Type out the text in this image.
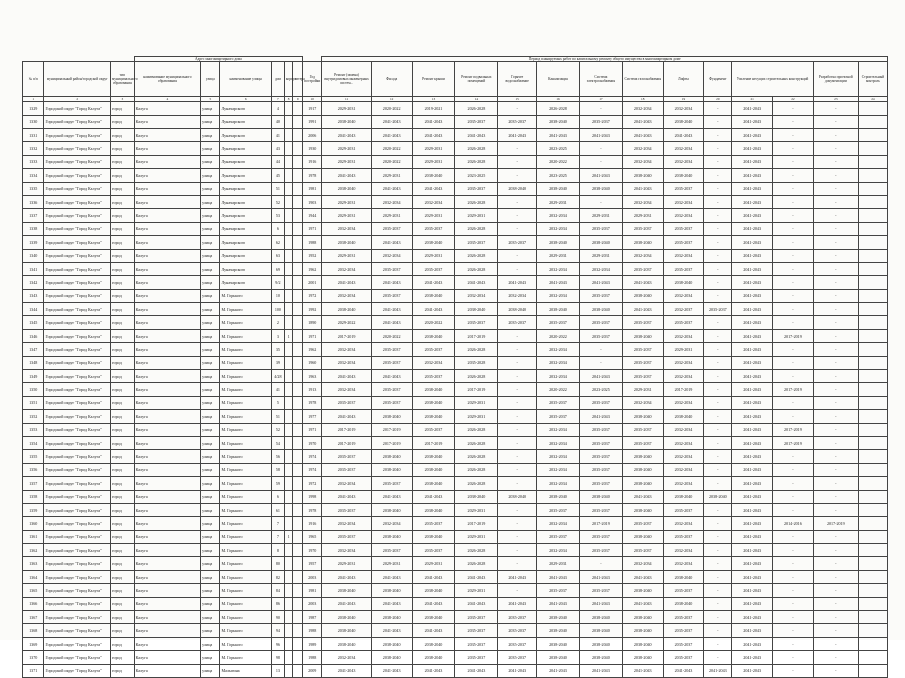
			Адрес многоквартирного дома							Период планируемых работ по капитальному ремонту общего имущества в многоквартирном доме													
№ п/п	муниципальный район/городской округ	тип муниципального образования	наименование муниципального образования	улица	наименование улицы	дом	корпус	литера	Год постройки	Ремонт (замена) внутридомовых инженерных систем...	Фасада	Ремонт крыши	Ремонт подвальных помещений	Горячее водоснабжение	Канализация	Система электроснабжения	Система газоснабжения	Лифты	Фундамент	Усиление несущих строительных конструкций		Разработка проектной документации	Строительный контроль
1	2	3	4	5	6	7	8	9	10	11	12	13	14	15	16	17	18	19	20	21	22	23	24
1329	Городской округ "Город Калуга"	город	Калуга	улица	Луначарского	4			1917	2029-2031	2020-2022	2019-2021	2026-2028	-	2026-2028	-	2032-2034	2032-2034	-	2041-2043	-	-	
1330	Городской округ "Город Калуга"	город	Калуга	улица	Луначарского	40			1991	2038-2040	2041-2043	2041-2043	2035-2037	2035-2037	2038-2040	2035-2037	2041-2043	2038-2040	-	2041-2043	-	-	
1331	Городской округ "Город Калуга"	город	Калуга	улица	Луначарского	41			2006	2041-2043	2041-2043	2041-2043	2041-2043	2041-2043	2041-2043	2041-2043	2041-2043	2041-2043	-	2041-2043	-	-	
1332	Городской округ "Город Калуга"	город	Калуга	улица	Луначарского	43			1930	2029-2031	2020-2022	2029-2031	2026-2028	-	2023-2025	-	2032-2034	2032-2034	-	2041-2043	-	-	
1333	Городской округ "Город Калуга"	город	Калуга	улица	Луначарского	44			1916	2029-2031	2020-2022	2029-2031	2026-2028	-	2020-2022	-	2032-2034	2032-2034	-	2041-2043	-	-	
1334	Городской округ "Город Калуга"	город	Калуга	улица	Луначарского	45			1978	2041-2043	2029-2031	2038-2040	2023-2025	-	2023-2025	2041-2043	2038-2040	2038-2040	-	2041-2043	-	-	
1335	Городской округ "Город Калуга"	город	Калуга	улица	Луначарского	51			1981	2038-2040	2041-2043	2041-2043	2035-2037	2038-2040	2038-2040	2038-2040	2041-2043	2035-2037	-	2041-2043	-	-	
1336	Городской округ "Город Калуга"	город	Калуга	улица	Луначарского	52			1903	2029-2031	2032-2034	2032-2034	2026-2028	-	2029-2031	-	2032-2034	2032-2034	-	2041-2043	-	-	
1337	Городской округ "Город Калуга"	город	Калуга	улица	Луначарского	53			1944	2029-2031	2029-2031	2029-2031	2029-2031	-	2032-2034	2029-2031	2029-2031	2032-2034	-	2041-2043	-	-	
1338	Городской округ "Город Калуга"	город	Калуга	улица	Луначарского	6			1971	2032-2034	2035-2037	2035-2037	2026-2028	-	2032-2034	2035-2037	2035-2037	2035-2037	-	2041-2043	-	-	
1339	Городской округ "Город Калуга"	город	Калуга	улица	Луначарского	62			1988	2038-2040	2041-2043	2038-2040	2035-2037	2035-2037	2038-2040	2038-2040	2038-2040	2035-2037	-	2041-2043	-	-	
1340	Городской округ "Город Калуга"	город	Калуга	улица	Луначарского	63			1952	2029-2031	2032-2034	2029-2031	2026-2028	-	2029-2031	2029-2031	2032-2034	2032-2034	-	2041-2043	-	-	
1341	Городской округ "Город Калуга"	город	Калуга	улица	Луначарского	69			1962	2032-2034	2035-2037	2035-2037	2026-2028	-	2032-2034	2032-2034	2035-2037	2035-2037	-	2041-2043	-	-	
1342	Городской округ "Город Калуга"	город	Калуга	улица	Луначарского	9/2			2001	2041-2043	2041-2043	2041-2043	2041-2043	2041-2043	2041-2043	2041-2043	2041-2043	2038-2040	-	2041-2043	-	-	
1343	Городской округ "Город Калуга"	город	Калуга	улица	М. Горького	10			1972	2032-2034	2035-2037	2038-2040	2032-2034	2032-2034	2032-2034	2035-2037	2038-2040	2032-2034	-	2041-2043	-	-	
1344	Городской округ "Город Калуга"	город	Калуга	улица	М. Горького	100			1992	2038-2040	2041-2043	2041-2043	2038-2040	2038-2040	2038-2040	2038-2040	2041-2043	2032-2037	2035-2037	2041-2043	-	-	
1345	Городской округ "Город Калуга"	город	Калуга	улица	М. Горького	2			1890	2029-2022	2041-2043	2020-2022	2035-2037	2035-2037	2035-2037	2035-2037	2035-2037	2035-2037	-	2041-2043	-	-	
1346	Городской округ "Город Калуга"	город	Калуга	улица	М. Горького	3	1		1971	2017-2019	2020-2022	2038-2040	2017-2019	-	2020-2022	2035-2037	2038-2040	2032-2034	-	2041-2043	2017-2019	-	
1347	Городской округ "Город Калуга"	город	Калуга	улица	М. Горького	35			1962	2032-2034	2035-2037	2035-2037	2026-2028	-	2032-2034	-	2035-2037	2029-2031	-	2041-2043	-	-	
1348	Городской округ "Город Калуга"	город	Калуга	улица	М. Горького	39			1960	2032-2034	2035-2037	2032-2034	2035-2028	-	2032-2034	-	2035-2037	2032-2034	-	2041-2043	-	-	
1349	Городской округ "Город Калуга"	город	Калуга	улица	М. Горького	4/28			1963	2041-2043	2041-2043	2035-2037	2026-2028	-	2032-2034	2041-2043	2035-2037	2032-2034	-	2041-2043	-	-	
1350	Городской округ "Город Калуга"	город	Калуга	улица	М. Горького	41			1913	2032-2034	2035-2037	2038-2040	2017-2019	-	2020-2022	2023-2025	2029-2031	2017-2019	-	2041-2043	2017-2019	-	
1351	Городской округ "Город Калуга"	город	Калуга	улица	М. Горького	5			1978	2035-2037	2035-2037	2038-2040	2029-2031	-	2035-2037	2035-2037	2032-2034	2032-2034	-	2041-2043	-	-	
1352	Городской округ "Город Калуга"	город	Калуга	улица	М. Горького	51			1977	2041-2043	2038-2040	2038-2040	2029-2031	-	2035-2037	2041-2043	2038-2040	2038-2040	-	2041-2043	-	-	
1353	Городской округ "Город Калуга"	город	Калуга	улица	М. Горького	52			1971	2017-2019	2017-2019	2035-2037	2026-2028	-	2032-2034	2035-2037	2035-2037	2032-2034	-	2041-2043	2017-2019	-	
1354	Городской округ "Город Калуга"	город	Калуга	улица	М. Горького	54			1970	2017-2019	2017-2019	2017-2019	2026-2028	-	2032-2034	2035-2037	2035-2037	2032-2034	-	2041-2043	2017-2019	-	
1355	Городской округ "Город Калуга"	город	Калуга	улица	М. Горького	56			1974	2035-2037	2038-2040	2038-2040	2026-2028	-	2032-2034	2035-2037	2038-2040	2032-2034	-	2041-2043	-	-	
1356	Городской округ "Город Калуга"	город	Калуга	улица	М. Горького	58			1974	2035-2037	2038-2040	2038-2040	2026-2028	-	2032-2034	2035-2037	2038-2040	2032-2034	-	2041-2043	-	-	
1357	Городской округ "Город Калуга"	город	Калуга	улица	М. Горького	59			1972	2032-2034	2035-2037	2038-2040	2026-2028	-	2032-2034	2035-2037	2038-2040	2032-2034	-	2041-2043	-	-	
1358	Городской округ "Город Калуга"	город	Калуга	улица	М. Горького	6			1998	2041-2043	2041-2043	2041-2043	2038-2040	2038-2040	2038-2040	2038-2040	2041-2043	2038-2040	2038-2040	2041-2043	-	-	
1359	Городской округ "Город Калуга"	город	Калуга	улица	М. Горького	61			1978	2035-2037	2038-2040	2038-2040	2029-2031	-	2035-2037	2035-2037	2038-2040	2035-2037	-	2041-2043	-	-	
1360	Городской округ "Город Калуга"	город	Калуга	улица	М. Горького	7			1916	2032-2034	2032-2034	2035-2037	2017-2019	-	2032-2034	2017-2019	2035-2037	2032-2034	-	2041-2043	2014-2016	2017-2019	
1361	Городской округ "Город Калуга"	город	Калуга	улица	М. Горького	7	1		1965	2035-2037	2038-2040	2038-2040	2029-2031	-	2035-2037	2035-2037	2038-2040	2035-2037	-	2041-2043	-	-	
1362	Городской округ "Город Калуга"	город	Калуга	улица	М. Горького	8			1970	2032-2034	2035-2037	2035-2037	2026-2028	-	2032-2034	2035-2037	2035-2037	2032-2034	-	2041-2043	-	-	
1363	Городской округ "Город Калуга"	город	Калуга	улица	М. Горького	80			1957	2029-2031	2029-2031	2029-2031	2026-2028	-	2029-2031	-	2032-2034	2032-2034	-	2041-2043	-	-	
1364	Городской округ "Город Калуга"	город	Калуга	улица	М. Горького	82			2003	2041-2043	2041-2043	2041-2043	2041-2043	2041-2043	2041-2043	2041-2043	2041-2043	2038-2040	-	2041-2043	-	-	
1365	Городской округ "Город Калуга"	город	Калуга	улица	М. Горького	84			1981	2038-2040	2038-2040	2038-2040	2029-2031	-	2035-2037	2035-2037	2038-2040	2035-2037	-	2041-2043	-	-	
1366	Городской округ "Город Калуга"	город	Калуга	улица	М. Горького	86			2003	2041-2043	2041-2043	2041-2043	2041-2043	2041-2043	2041-2043	2041-2043	2041-2043	2038-2040	-	2041-2043	-	-	
1367	Городской округ "Город Калуга"	город	Калуга	улица	М. Горького	90			1987	2038-2040	2038-2040	2038-2040	2035-2037	2035-2037	2038-2040	2038-2040	2038-2040	2035-2037	-	2041-2043	-	-	
1368	Городской округ "Город Калуга"	город	Калуга	улица	М. Горького	94			1988	2038-2040	2041-2043	2041-2043	2035-2037	2035-2037	2038-2040	2038-2040	2038-2040	2035-2037	-	2041-2043	-	-	
1369	Городской округ "Город Калуга"	город	Калуга	улица	М. Горького	96			1989	2038-2040	2038-2040	2038-2040	2035-2037	2035-2037	2038-2040	2038-2040	2038-2040	2035-2037	-	2041-2043	-	-	
1370	Городской округ "Город Калуга"	город	Калуга	улица	М. Горького	98			1988	2032-2034	2038-2040	2038-2040	2035-2037	2035-2037	2038-2040	2038-2040	2038-2040	2035-2037	-	2041-2043	-	-	
1371	Городской округ "Город Калуга"	город	Калуга	улица	Малыгина	13			2009	2041-2043	2041-2043	2041-2043	2041-2043	2041-2043	2041-2043	2041-2043	2041-2043	2041-2043	2041-2043	2041-2043	-	-	
